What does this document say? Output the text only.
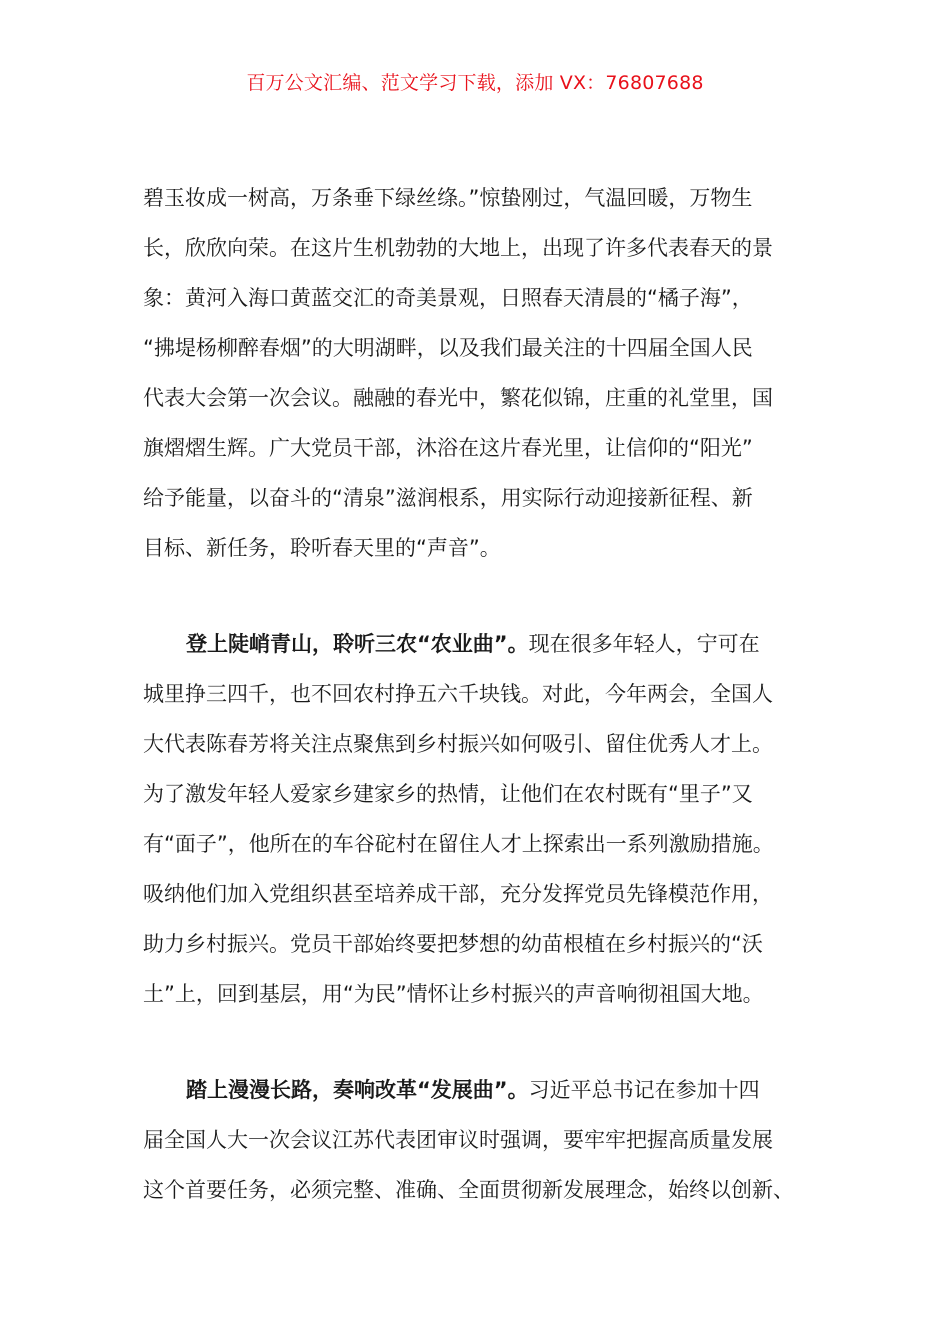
百万公文汇编、范文学习下载，添加 VX：76807688
碧玉妆成一树高，万条垂下绿丝绦。”惊蛰刚过，气温回暖，万物生
长，欣欣向荣。在这片生机勃勃的大地上，出现了许多代表春天的景
象：黄河入海口黄蓝交汇的奇美景观，日照春天清晨的“橘子海”，
“拂堤杨柳醉春烟”的大明湖畔，以及我们最关注的十四届全国人民
代表大会第一次会议。融融的春光中，繁花似锦，庄重的礼堂里，国
旗熠熠生辉。广大党员干部，沐浴在这片春光里，让信仰的“阳光”
给予能量，以奋斗的“清泉”滋润根系，用实际行动迎接新征程、新
目标、新任务，聆听春天里的“声音”。
登上陡峭青山，聆听三农“农业曲”。现在很多年轻人，宁可在
城里挣三四千，也不回农村挣五六千块钱。对此，今年两会，全国人
大代表陈春芳将关注点聚焦到乡村振兴如何吸引、留住优秀人才上。
为了激发年轻人爱家乡建家乡的热情，让他们在农村既有“里子”又
有“面子”，他所在的车谷砣村在留住人才上探索出一系列激励措施。
吸纳他们加入党组织甚至培养成干部，充分发挥党员先锋模范作用，
助力乡村振兴。党员干部始终要把梦想的幼苗根植在乡村振兴的“沃
土”上，回到基层，用“为民”情怀让乡村振兴的声音响彻祖国大地。
踏上漫漫长路，奏响改革“发展曲”。习近平总书记在参加十四
届全国人大一次会议江苏代表团审议时强调，要牢牢把握高质量发展
这个首要任务，必须完整、准确、全面贯彻新发展理念，始终以创新、
